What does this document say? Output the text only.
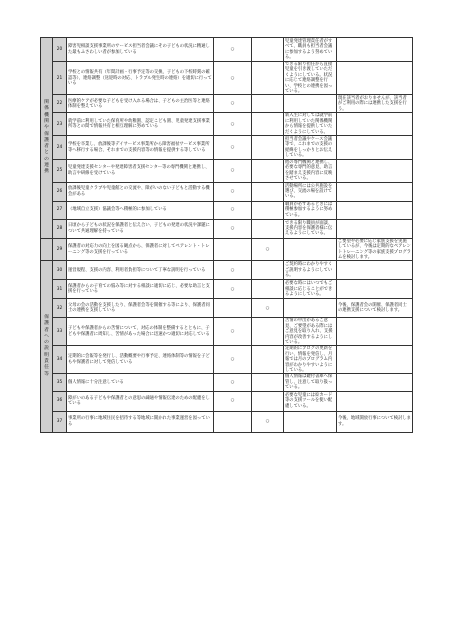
関係機関や保護者との連携	20	障害児相談支援事業所のサービス担当者会議にその子どもの状況に精通した最もふさわしい者が参加している	○		児童発達管理責任者がすべて、職員も担当者会議に参加するよう努めている。	
	21	学校との情報共有（年間計画・行事予定等の交換、子どもの下校時刻の確認等）、連絡調整（送迎時の対応、トラブル発生時の連絡）を適切に行っている	○		できる限り担任から直接児童を引き渡していただくようにしている。状況に応じて連絡調整を行い、学校との連携を図っている。	
	22	医療的ケアが必要な子どもを受け入れる場合は、子どもの主治医等と連絡体制を整えている	○			現在該当者がおりませんが、該当者がご利用の際には連携した支援を行う。
	23	就学前に利用していた保育所や幼稚園、認定こども園、児童発達支援事業所等との間で情報共有と相互理解に努めている	○		新入生に対しては就学前に利用していた関係機関から情報を提供していただくようにしている。	
	24	学校を卒業し、放課後等デイサービス事業所から障害福祉サービス事業所等へ移行する場合、それまでの支援内容等の情報を提供する等している	○		担当者会議やケース会議等で、これまでの支援の経緯をしっかりとお伝えしている。	
	25	児童発達支援センターや発達障害者支援センター等の専門機関と連携し、助言や研修を受けている	○		他の専門機関と連携し、必要な専門的意見、助言を踏まえ支援内容に反映させている。	
	26	放課後児童クラブや児童館との交流や、障がいのない子どもと活動する機会がある	○		活動場所には公共施設を選び、交流の場を設けている。	
	27	（地域自立支援）協議会等へ積極的に参加している	○		職員が必ずあるときには積極参加するように努めている。	
	28	日頃から子どもの状況を保護者と伝え合い、子どもの発達の状況や課題について共通理解を持っている	○		できる限り職員が面談、支援内容を保護者様に伝えるようにしている。	
	29	保護者の対応力の向上を図る観点から、保護者に対してペアレント・トレーニング等の支援を行っている		○		ご要望や必要に応じ家族支援を実施しているが、今後は定期的なペアレントトレーニング等の家族支援プログラムを検討します。

保護者への説明責任等	30	運営規程、支援の内容、利用者負担等について丁寧な説明を行っている	○		ご契約時にわかりやすくご説明するようにしている。	
	31	保護者からの子育ての悩み等に対する相談に適切に応じ、必要な助言と支援を行っている	○		必要な時にはいつでもご相談に応じることができるようにしている。	
	32	父母の会の活動を支援したり、保護者会等を開催する等により、保護者同士の連携を支援している		○		今後、保護者会の開催、保護者同士の連携支援について検討します。
	33	子どもや保護者からの苦情について、対応の体制を整備するとともに、子どもや保護者に周知し、苦情があった場合に迅速かつ適切に対応している	○		苦情の申出があるご意見、ご要望がある際にはご意見を取り入れ、支援内容が改善するようにしている。	
	34	定期的に会報等を発行し、活動概要や行事予定、連絡体制等の情報を子どもや保護者に対して発信している	○		定期的にブログの更新を行い、情報を発信し、月報では月のプログラム内容がわかりやすいようにしている。	
	35	個人情報に十分注意している	○		個人情報は鍵付書庫へ保管し、注意して取り扱っている。	
	36	障がいのある子どもや保護者との意思の疎通や情報伝達のための配慮をしている	○		必要な児童には絵カード等の支援ツールを使い配慮している。	
	37	事業所の行事に地域住民を招待する等地域に開かれた事業運営を図っている		○		今後、地域開放行事について検討します。
